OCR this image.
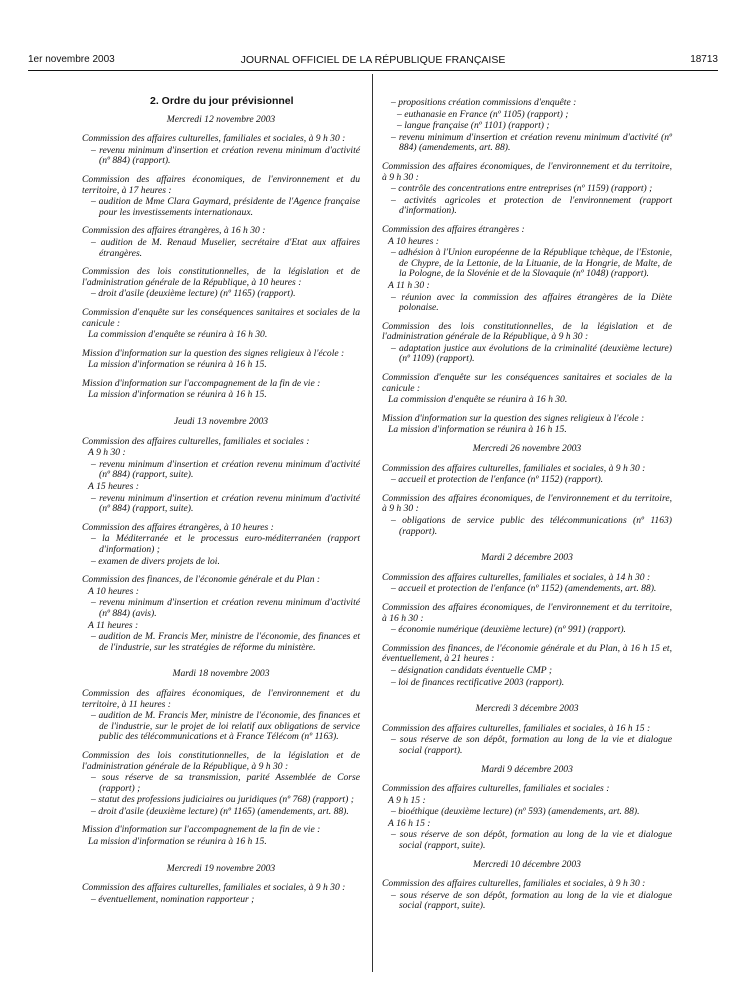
1er novembre 2003	JOURNAL OFFICIEL DE LA RÉPUBLIQUE FRANÇAISE	18713
2. Ordre du jour prévisionnel
Mercredi 12 novembre 2003

Commission des affaires culturelles, familiales et sociales, à 9 h 30 :

– revenu minimum d'insertion et création revenu minimum d'activité (nº 884) (rapport).

Commission des affaires économiques, de l'environnement et du territoire, à 17 heures :

– audition de Mme Clara Gaymard, présidente de l'Agence française pour les investissements internationaux.

Commission des affaires étrangères, à 16 h 30 :

– audition de M. Renaud Muselier, secrétaire d'Etat aux affaires étrangères.

Commission des lois constitutionnelles, de la législation et de l'administration générale de la République, à 10 heures :

– droit d'asile (deuxième lecture) (nº 1165) (rapport).

Commission d'enquête sur les conséquences sanitaires et sociales de la canicule :

La commission d'enquête se réunira à 16 h 30.

Mission d'information sur la question des signes religieux à l'école :

La mission d'information se réunira à 16 h 15.

Mission d'information sur l'accompagnement de la fin de vie :

La mission d'information se réunira à 16 h 15.

Jeudi 13 novembre 2003

Commission des affaires culturelles, familiales et sociales :

A 9 h 30 :

– revenu minimum d'insertion et création revenu minimum d'activité (nº 884) (rapport, suite).

A 15 heures :

– revenu minimum d'insertion et création revenu minimum d'activité (nº 884) (rapport, suite).

Commission des affaires étrangères, à 10 heures :

– la Méditerranée et le processus euro-méditerranéen (rapport d'information) ;

– examen de divers projets de loi.

Commission des finances, de l'économie générale et du Plan :

A 10 heures :

– revenu minimum d'insertion et création revenu minimum d'activité (nº 884) (avis).

A 11 heures :

– audition de M. Francis Mer, ministre de l'économie, des finances et de l'industrie, sur les stratégies de réforme du ministère.

Mardi 18 novembre 2003

Commission des affaires économiques, de l'environnement et du territoire, à 11 heures :

– audition de M. Francis Mer, ministre de l'économie, des finances et de l'industrie, sur le projet de loi relatif aux obligations de service public des télécommunications et à France Télécom (nº 1163).

Commission des lois constitutionnelles, de la législation et de l'administration générale de la République, à 9 h 30 :

– sous réserve de sa transmission, parité Assemblée de Corse (rapport) ;

– statut des professions judiciaires ou juridiques (nº 768) (rapport) ;

– droit d'asile (deuxième lecture) (nº 1165) (amendements, art. 88).

Mission d'information sur l'accompagnement de la fin de vie :

La mission d'information se réunira à 16 h 15.

Mercredi 19 novembre 2003

Commission des affaires culturelles, familiales et sociales, à 9 h 30 :

– éventuellement, nomination rapporteur ;

– propositions création commissions d'enquête :

– euthanasie en France (nº 1105) (rapport) ;

– langue française (nº 1101) (rapport) ;

– revenu minimum d'insertion et création revenu minimum d'activité (nº 884) (amendements, art. 88).

Commission des affaires économiques, de l'environnement et du territoire, à 9 h 30 :

– contrôle des concentrations entre entreprises (nº 1159) (rapport) ;

– activités agricoles et protection de l'environnement (rapport d'information).

Commission des affaires étrangères :

A 10 heures :

– adhésion à l'Union européenne de la République tchèque, de l'Estonie, de Chypre, de la Lettonie, de la Lituanie, de la Hongrie, de Malte, de la Pologne, de la Slovénie et de la Slovaquie (nº 1048) (rapport).

A 11 h 30 :

– réunion avec la commission des affaires étrangères de la Diète polonaise.

Commission des lois constitutionnelles, de la législation et de l'administration générale de la République, à 9 h 30 :

– adaptation justice aux évolutions de la criminalité (deuxième lecture) (nº 1109) (rapport).

Commission d'enquête sur les conséquences sanitaires et sociales de la canicule :

La commission d'enquête se réunira à 16 h 30.

Mission d'information sur la question des signes religieux à l'école :

La mission d'information se réunira à 16 h 15.

Mercredi 26 novembre 2003

Commission des affaires culturelles, familiales et sociales, à 9 h 30 :

– accueil et protection de l'enfance (nº 1152) (rapport).

Commission des affaires économiques, de l'environnement et du territoire, à 9 h 30 :

– obligations de service public des télécommunications (nº 1163) (rapport).

Mardi 2 décembre 2003

Commission des affaires culturelles, familiales et sociales, à 14 h 30 :

– accueil et protection de l'enfance (nº 1152) (amendements, art. 88).

Commission des affaires économiques, de l'environnement et du territoire, à 16 h 30 :

– économie numérique (deuxième lecture) (nº 991) (rapport).

Commission des finances, de l'économie générale et du Plan, à 16 h 15 et, éventuellement, à 21 heures :

– désignation candidats éventuelle CMP ;

– loi de finances rectificative 2003 (rapport).

Mercredi 3 décembre 2003

Commission des affaires culturelles, familiales et sociales, à 16 h 15 :

– sous réserve de son dépôt, formation au long de la vie et dialogue social (rapport).

Mardi 9 décembre 2003

Commission des affaires culturelles, familiales et sociales :

A 9 h 15 :

– bioéthique (deuxième lecture) (nº 593) (amendements, art. 88).

A 16 h 15 :

– sous réserve de son dépôt, formation au long de la vie et dialogue social (rapport, suite).

Mercredi 10 décembre 2003

Commission des affaires culturelles, familiales et sociales, à 9 h 30 :

– sous réserve de son dépôt, formation au long de la vie et dialogue social (rapport, suite).
